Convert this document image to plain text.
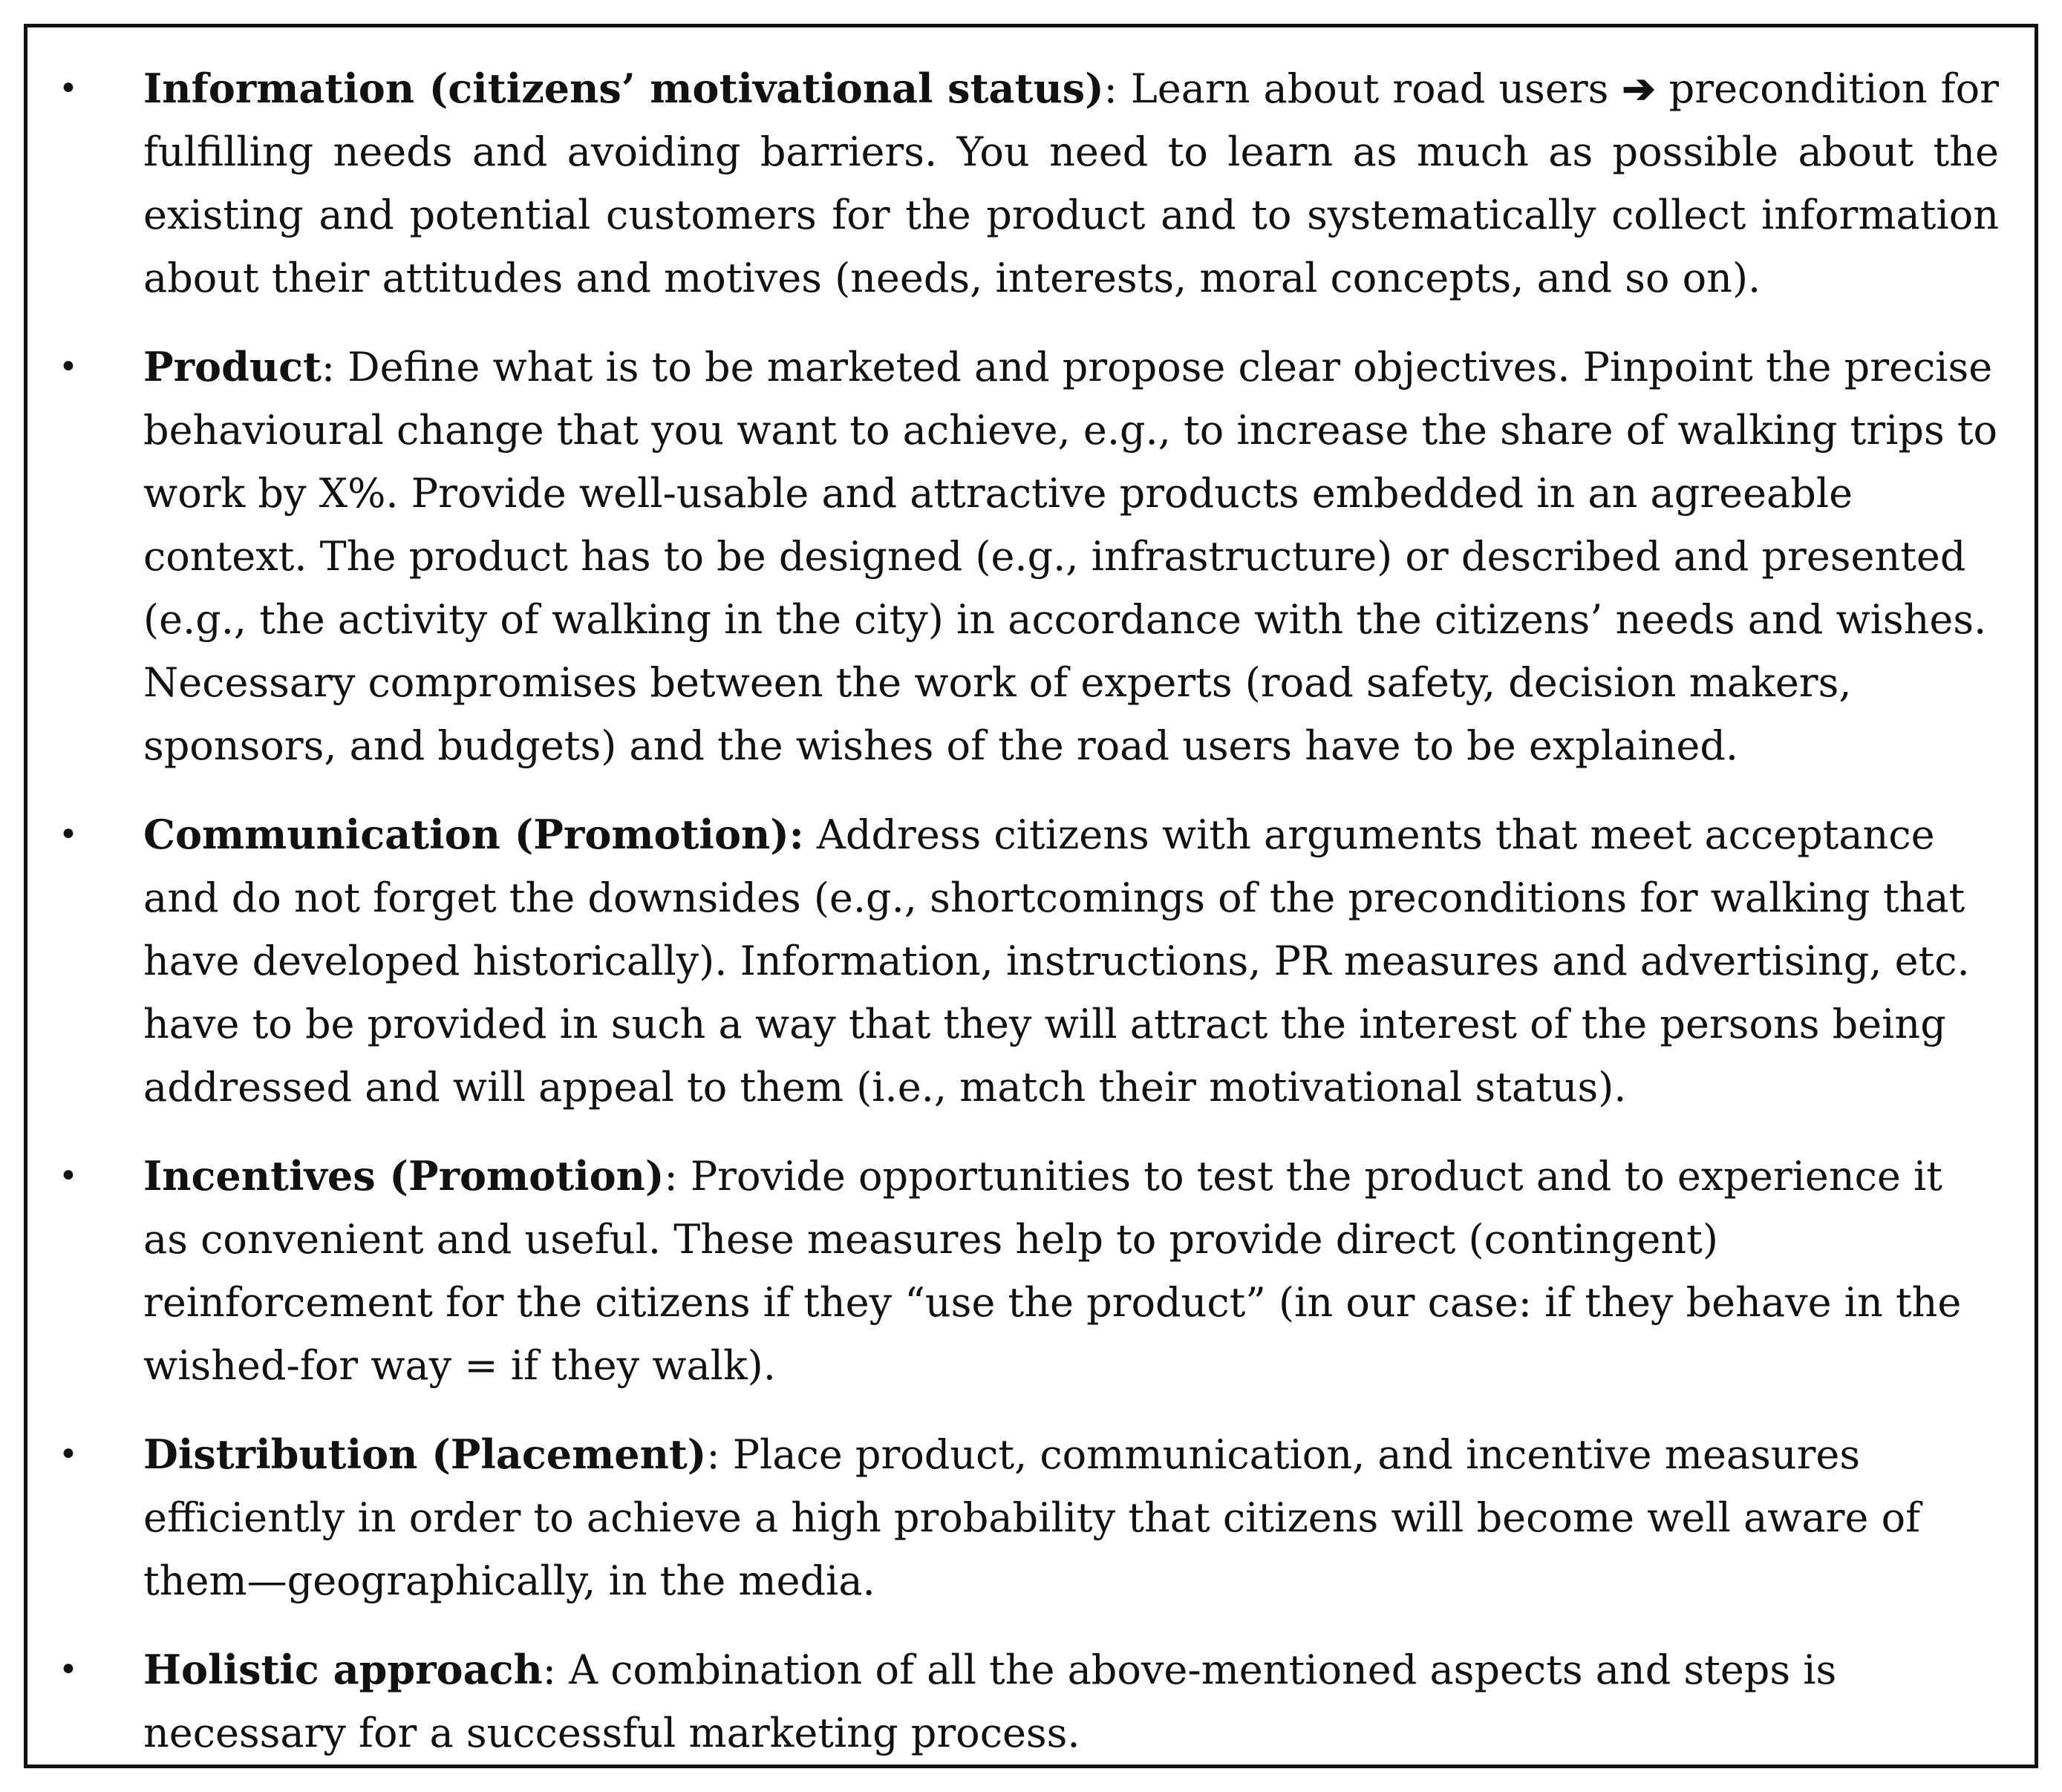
• Information (citizens’ motivational status): Learn about road users ➔ precondition for fulfilling needs and avoiding barriers. You need to learn as much as possible about the existing and potential customers for the product and to systematically collect information about their attitudes and motives (needs, interests, moral concepts, and so on).
• Product: Define what is to be marketed and propose clear objectives. Pinpoint the precise behavioural change that you want to achieve, e.g., to increase the share of walking trips to work by X%. Provide well-usable and attractive products embedded in an agreeable context. The product has to be designed (e.g., infrastructure) or described and presented (e.g., the activity of walking in the city) in accordance with the citizens’ needs and wishes. Necessary compromises between the work of experts (road safety, decision makers, sponsors, and budgets) and the wishes of the road users have to be explained.
• Communication (Promotion): Address citizens with arguments that meet acceptance and do not forget the downsides (e.g., shortcomings of the preconditions for walking that have developed historically). Information, instructions, PR measures and advertising, etc. have to be provided in such a way that they will attract the interest of the persons being addressed and will appeal to them (i.e., match their motivational status).
• Incentives (Promotion): Provide opportunities to test the product and to experience it as convenient and useful. These measures help to provide direct (contingent) reinforcement for the citizens if they “use the product” (in our case: if they behave in the wished-for way = if they walk).
• Distribution (Placement): Place product, communication, and incentive measures efficiently in order to achieve a high probability that citizens will become well aware of them—geographically, in the media.
• Holistic approach: A combination of all the above-mentioned aspects and steps is necessary for a successful marketing process.
